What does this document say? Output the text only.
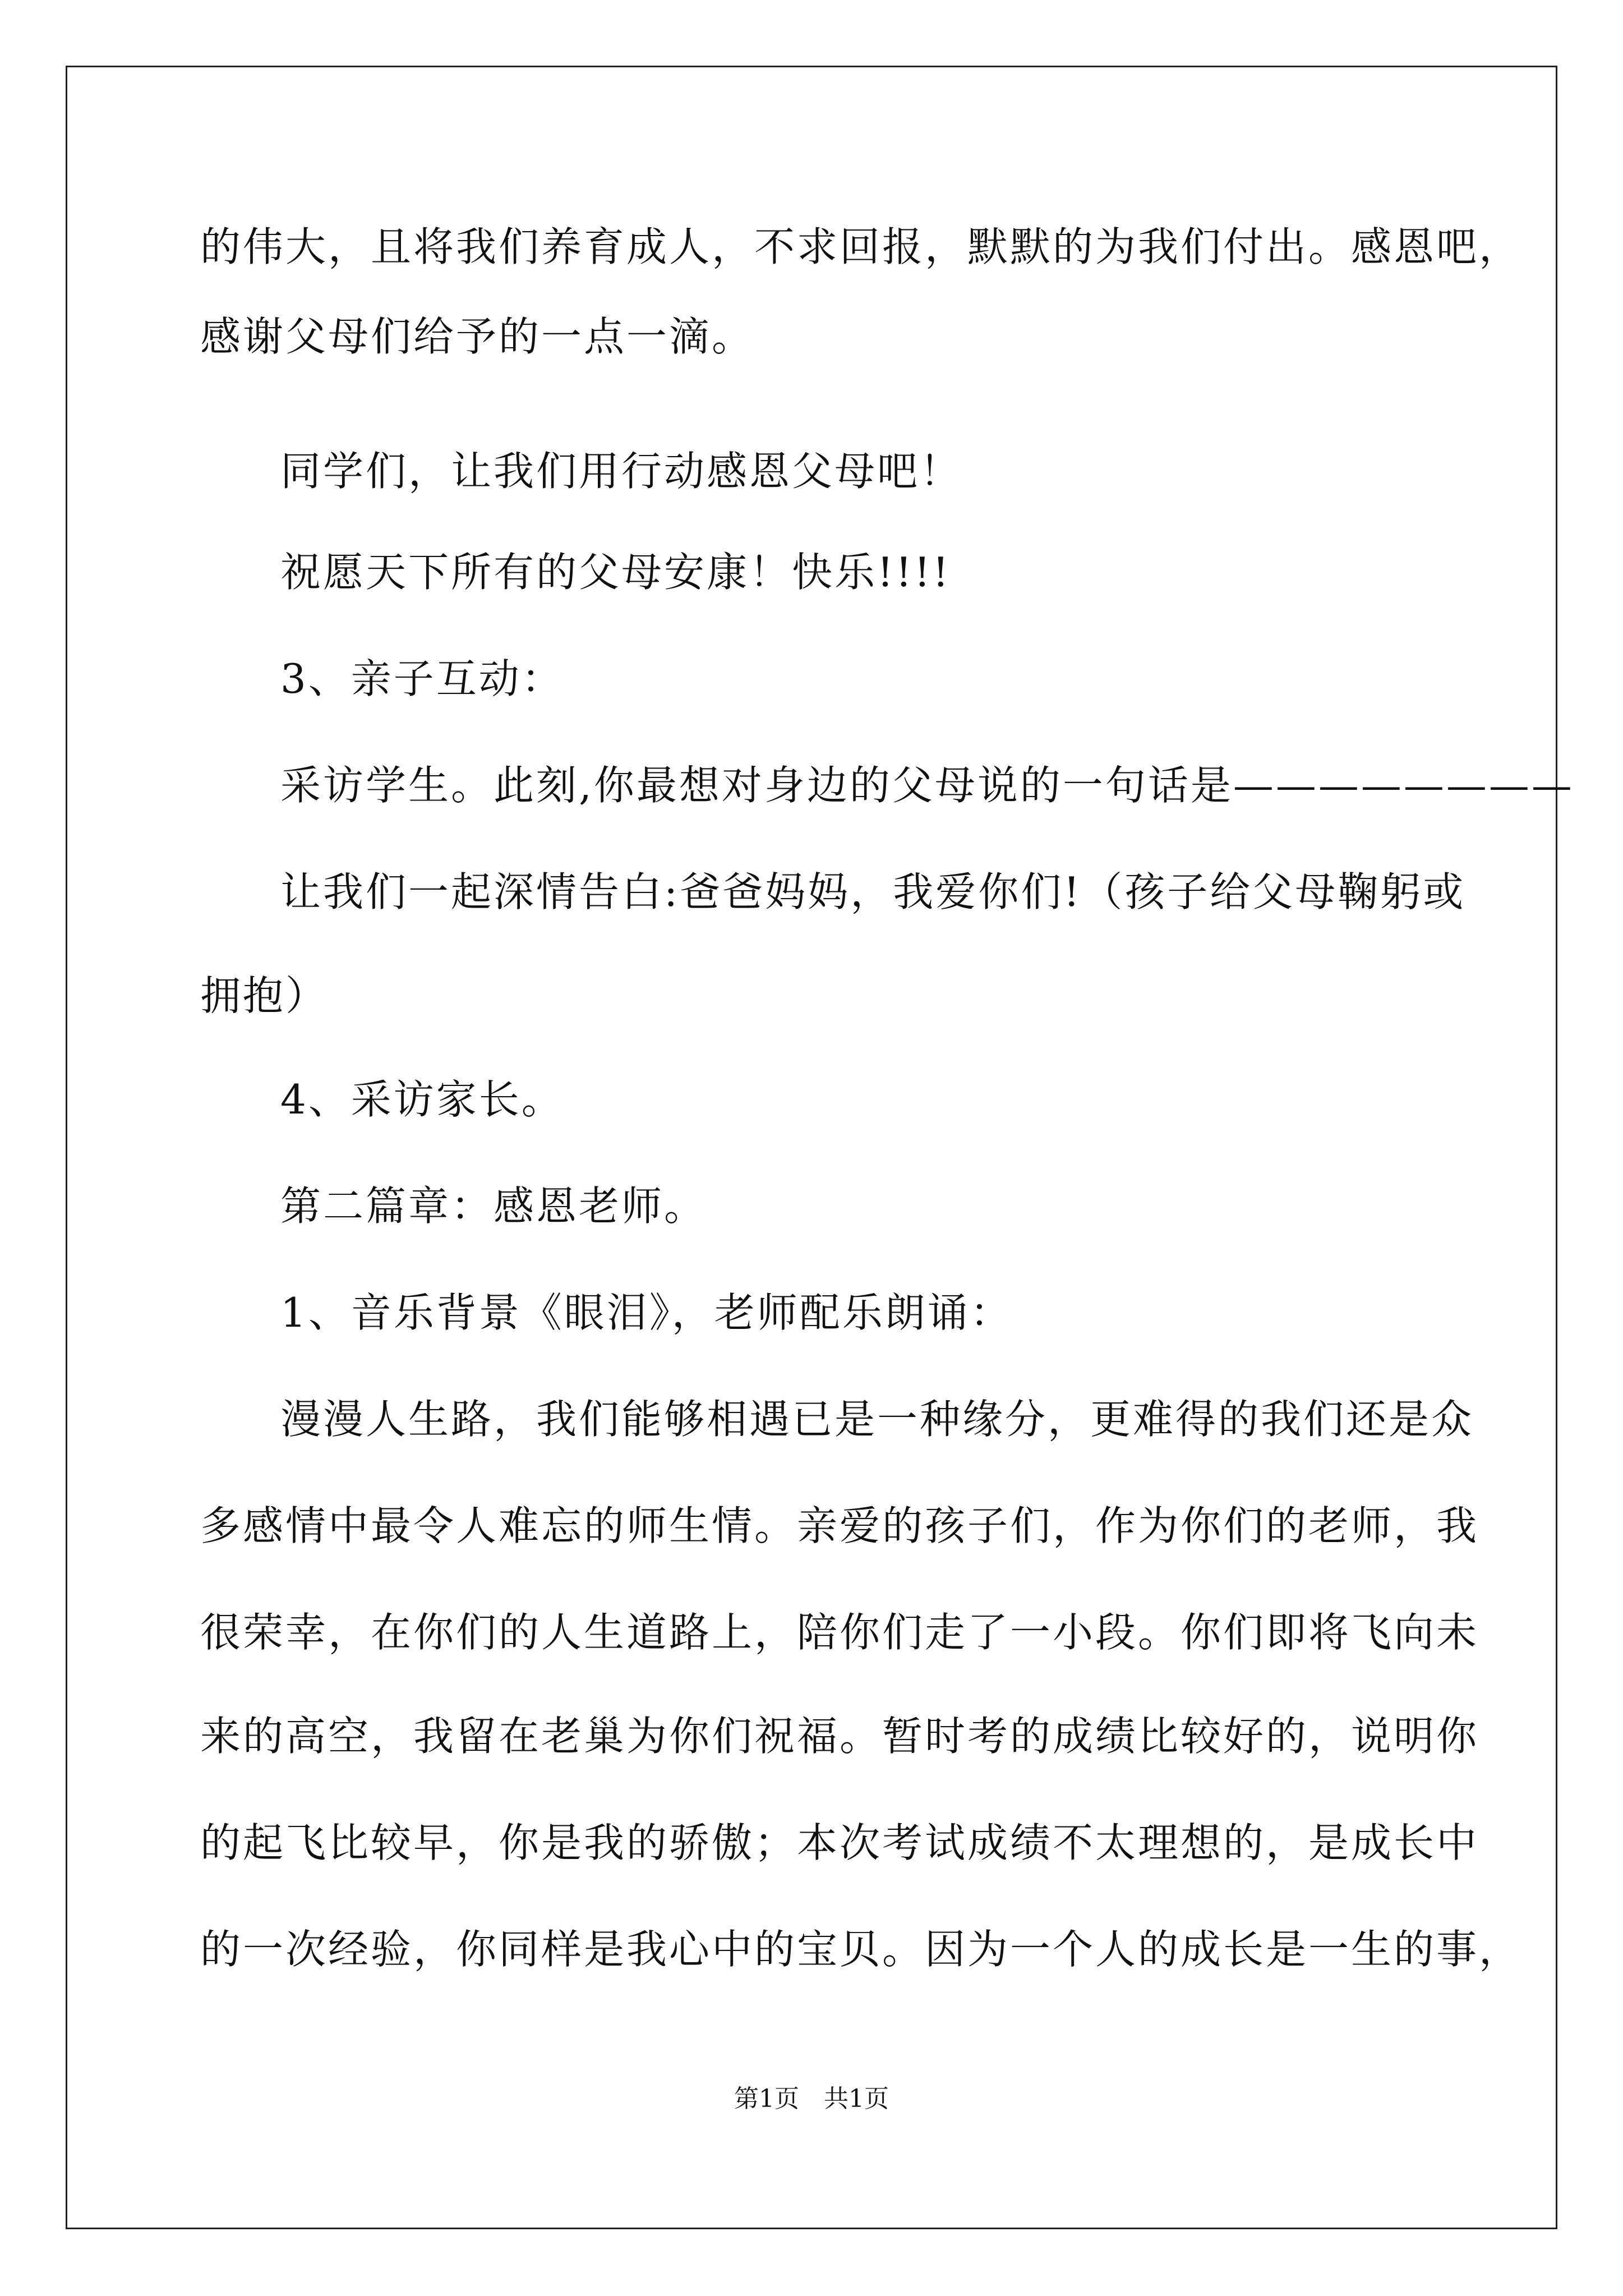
的伟大，且将我们养育成人，不求回报，默默的为我们付出。感恩吧，
感谢父母们给予的一点一滴。
同学们，让我们用行动感恩父母吧！
祝愿天下所有的父母安康！快乐!!!!
3、亲子互动：
采访学生。此刻,你最想对身边的父母说的一句话是————————
让我们一起深情告白:爸爸妈妈，我爱你们!（孩子给父母鞠躬或
拥抱）
4、采访家长。
第二篇章：感恩老师。
1、音乐背景《眼泪》，老师配乐朗诵：
漫漫人生路，我们能够相遇已是一种缘分，更难得的我们还是众
多感情中最令人难忘的师生情。亲爱的孩子们，作为你们的老师，我
很荣幸，在你们的人生道路上，陪你们走了一小段。你们即将飞向未
来的高空，我留在老巢为你们祝福。暂时考的成绩比较好的，说明你
的起飞比较早，你是我的骄傲；本次考试成绩不太理想的，是成长中
的一次经验，你同样是我心中的宝贝。因为一个人的成长是一生的事，
第1页　共1页
